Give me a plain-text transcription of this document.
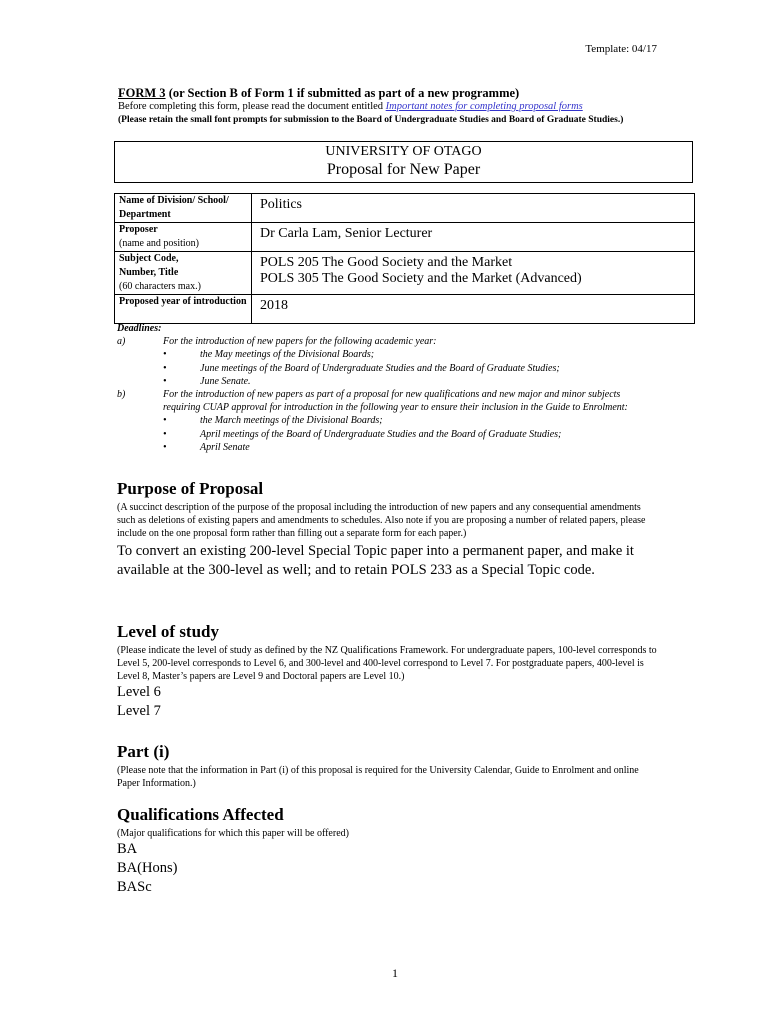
Template: 04/17
FORM 3 (or Section B of Form 1 if submitted as part of a new programme)
Before completing this form, please read the document entitled Important notes for completing proposal forms
(Please retain the small font prompts for submission to the Board of Undergraduate Studies and Board of Graduate Studies.)
UNIVERSITY OF OTAGO
Proposal for New Paper
Name of Division/ School/ Department	Politics
Proposer
(name and position)	Dr Carla Lam, Senior Lecturer
Subject Code,
Number, Title
(60 characters max.)	POLS 205 The Good Society and the Market
POLS 305 The Good Society and the Market (Advanced)
Proposed year of introduction	2018
Deadlines:
a)	For the introduction of new papers for the following academic year:
•	the May meetings of the Divisional Boards;
•	June meetings of the Board of Undergraduate Studies and the Board of Graduate Studies;
•	June Senate.
b)	For the introduction of new papers as part of a proposal for new qualifications and new major and minor subjects requiring CUAP approval for introduction in the following year to ensure their inclusion in the Guide to Enrolment:
•	the March meetings of the Divisional Boards;
•	April meetings of the Board of Undergraduate Studies and the Board of Graduate Studies;
•	April Senate
Purpose of Proposal
(A succinct description of the purpose of the proposal including the introduction of new papers and any consequential amendments such as deletions of existing papers and amendments to schedules. Also note if you are proposing a number of related papers, please include on the one proposal form rather than filling out a separate form for each paper.)
To convert an existing 200-level Special Topic paper into a permanent paper, and make it available at the 300-level as well; and to retain POLS 233 as a Special Topic code.
Level of study
(Please indicate the level of study as defined by the NZ Qualifications Framework. For undergraduate papers, 100-level corresponds to Level 5, 200-level corresponds to Level 6, and 300-level and 400-level correspond to Level 7. For postgraduate papers, 400-level is Level 8, Master’s papers are Level 9 and Doctoral papers are Level 10.)
Level 6
Level 7
Part (i)
(Please note that the information in Part (i) of this proposal is required for the University Calendar, Guide to Enrolment and online Paper Information.)
Qualifications Affected
(Major qualifications for which this paper will be offered)
BA
BA(Hons)
BASc
1
